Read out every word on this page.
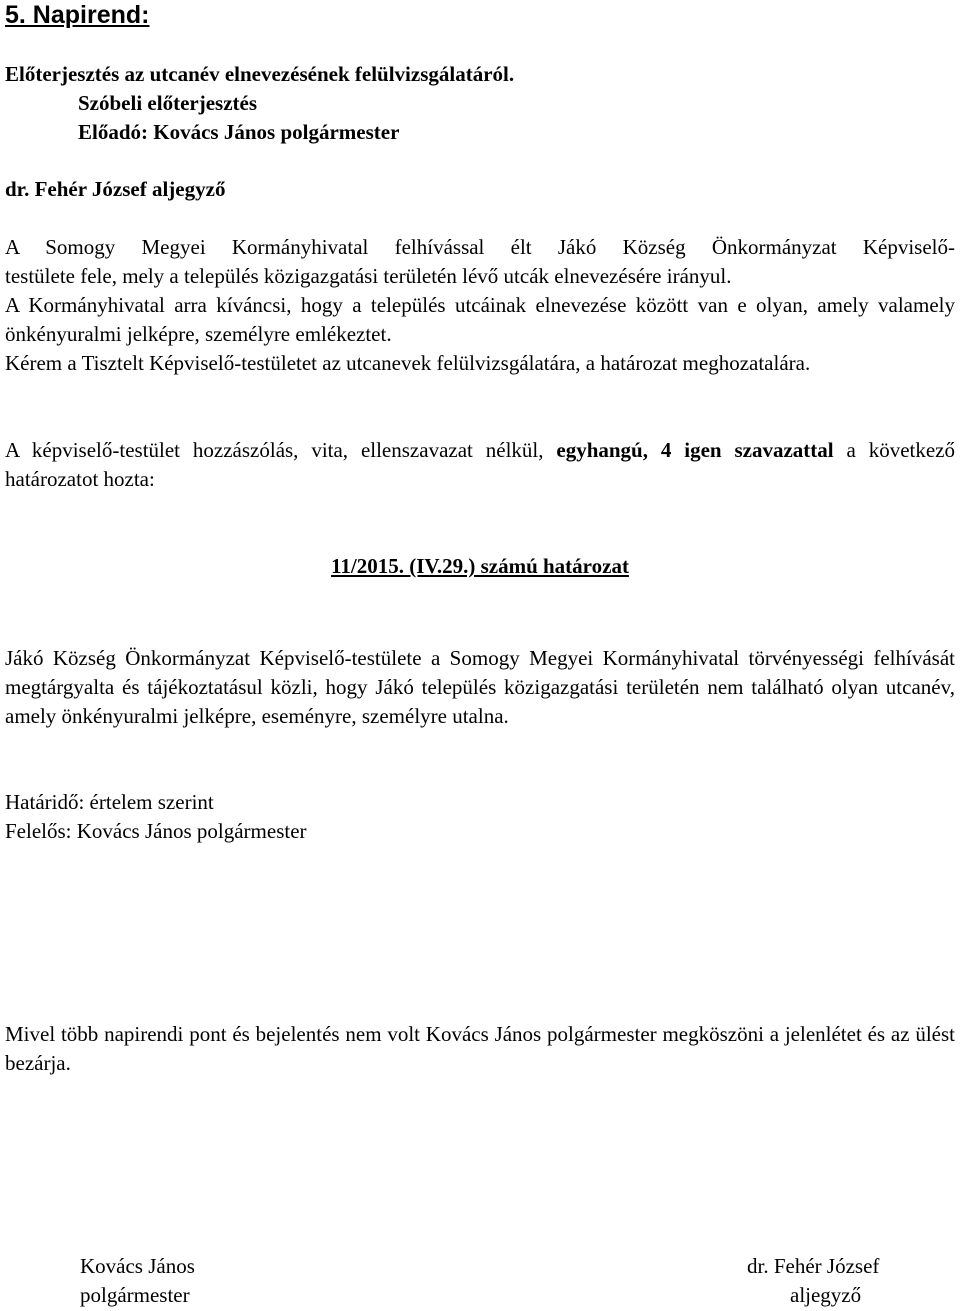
5. Napirend:
Előterjesztés az utcanév elnevezésének felülvizsgálatáról.
Szóbeli előterjesztés
Előadó: Kovács János polgármester
dr. Fehér József aljegyző
A Somogy Megyei Kormányhivatal felhívással élt Jákó Község Önkormányzat Képviselő-
testülete fele, mely a település közigazgatási területén lévő utcák elnevezésére irányul.
A Kormányhivatal arra kíváncsi, hogy a település utcáinak elnevezése között van e olyan, amely valamely önkényuralmi jelképre, személyre emlékeztet.
Kérem a Tisztelt Képviselő-testületet az utcanevek felülvizsgálatára, a határozat meghozatalára.
A képviselő-testület hozzászólás, vita, ellenszavazat nélkül, egyhangú, 4 igen szavazattal a következő határozatot hozta:
11/2015. (IV.29.) számú határozat
Jákó Község Önkormányzat Képviselő-testülete a Somogy Megyei Kormányhivatal törvényességi felhívását megtárgyalta és tájékoztatásul közli, hogy Jákó település közigazgatási területén nem található olyan utcanév, amely önkényuralmi jelképre, eseményre, személyre utalna.
Határidő: értelem szerint
Felelős: Kovács János polgármester
Mivel több napirendi pont és bejelentés nem volt Kovács János polgármester megköszöni a jelenlétet és az ülést bezárja.
Kovács János
polgármester
dr. Fehér József
aljegyző
